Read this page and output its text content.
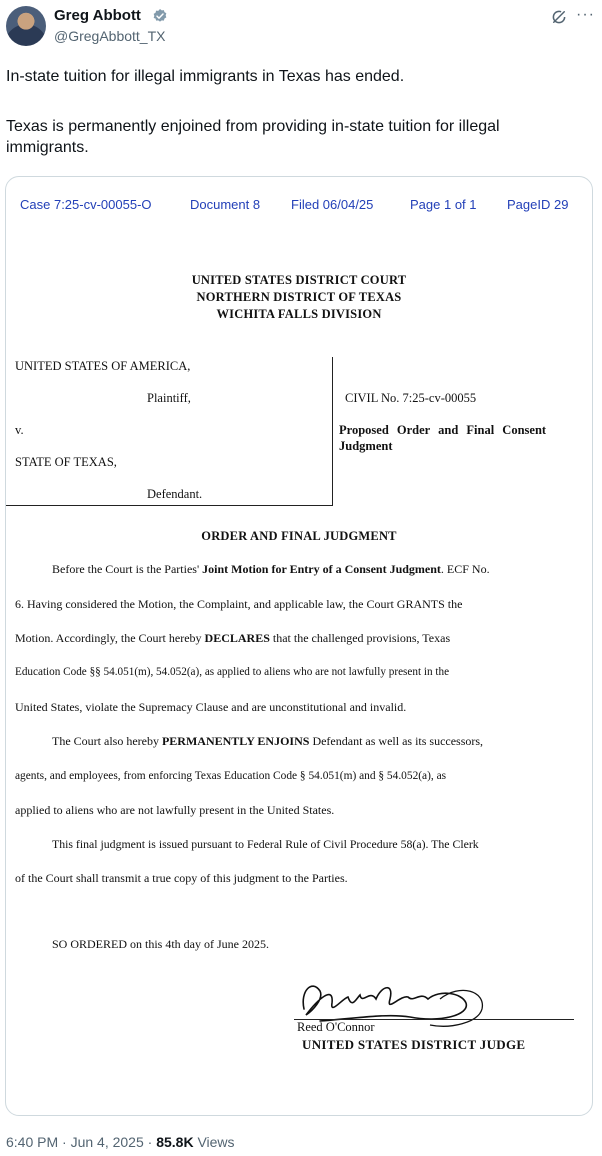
Greg Abbott
@GregAbbott_TX
···
In-state tuition for illegal immigrants in Texas has ended.
Texas is permanently enjoined from providing in-state tuition for illegal
immigrants.
Case 7:25-cv-00055-O	Document 8 Filed 06/04/25	Page 1 of 1 PageID 29
UNITED STATES DISTRICT COURT
NORTHERN DISTRICT OF TEXAS
WICHITA FALLS DIVISION
UNITED STATES OF AMERICA,
Plaintiff,
v.
STATE OF TEXAS,
Defendant.
CIVIL No. 7:25-cv-00055
Proposed Order and Final Consent
Judgment
ORDER AND FINAL JUDGMENT
Before the Court is the Parties' Joint Motion for Entry of a Consent Judgment. ECF No.
6. Having considered the Motion, the Complaint, and applicable law, the Court GRANTS the
Motion. Accordingly, the Court hereby DECLARES that the challenged provisions, Texas
Education Code §§ 54.051(m), 54.052(a), as applied to aliens who are not lawfully present in the
United States, violate the Supremacy Clause and are unconstitutional and invalid.
The Court also hereby PERMANENTLY ENJOINS Defendant as well as its successors,
agents, and employees, from enforcing Texas Education Code § 54.051(m) and § 54.052(a), as
applied to aliens who are not lawfully present in the United States.
This final judgment is issued pursuant to Federal Rule of Civil Procedure 58(a). The Clerk
of the Court shall transmit a true copy of this judgment to the Parties.
SO ORDERED on this 4th day of June 2025.
Reed O'Connor
UNITED STATES DISTRICT JUDGE
6:40 PM · Jun 4, 2025 · 85.8K Views
